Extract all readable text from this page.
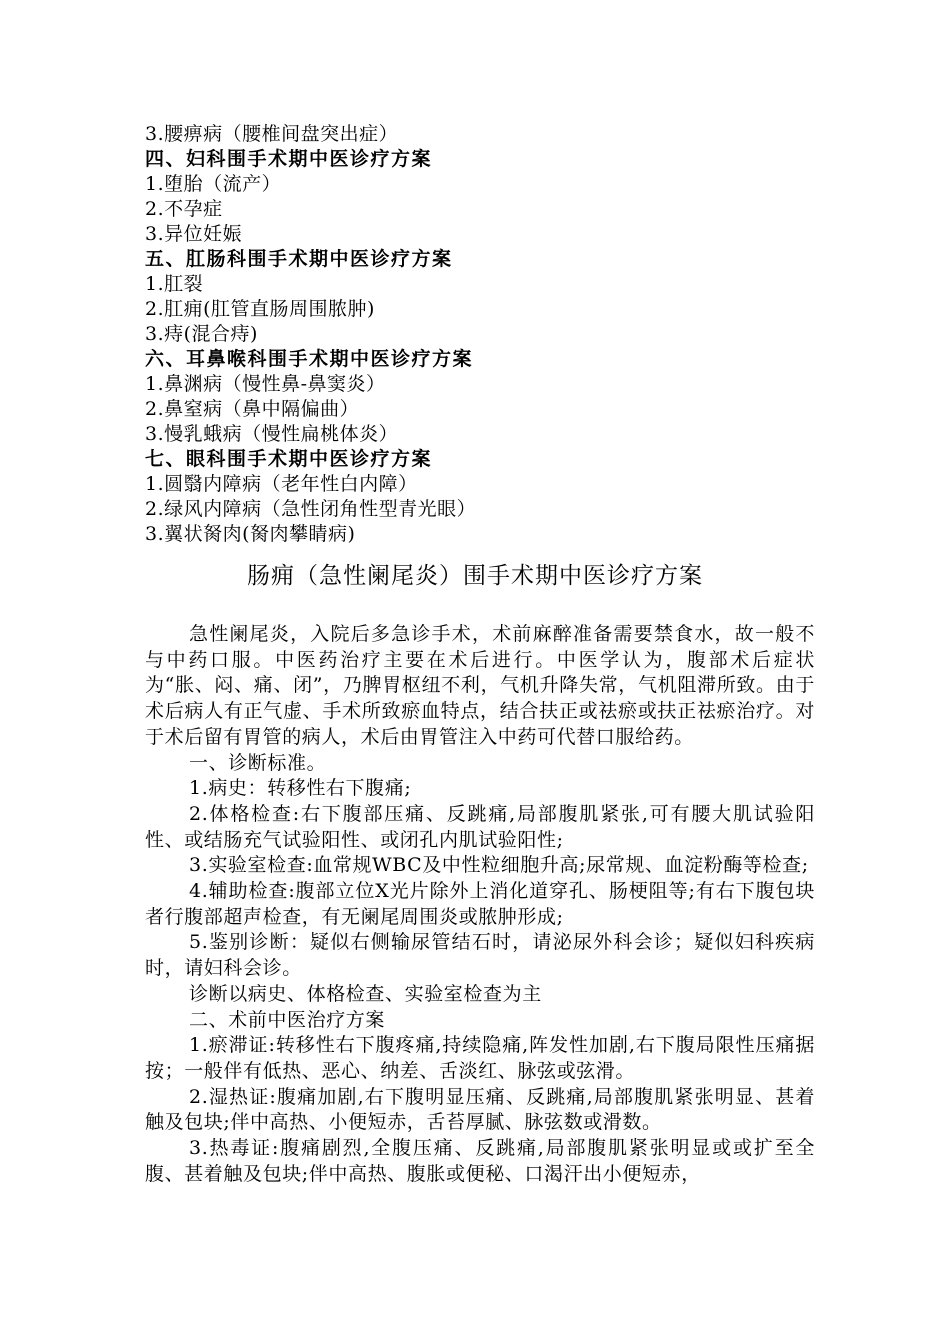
3.腰痹病（腰椎间盘突出症）
四、妇科围手术期中医诊疗方案
1.堕胎（流产）
2.不孕症
3.异位妊娠
五、肛肠科围手术期中医诊疗方案
1.肛裂
2.肛痈(肛管直肠周围脓肿)
3.痔(混合痔)
六、耳鼻喉科围手术期中医诊疗方案
1.鼻渊病（慢性鼻-鼻窦炎）
2.鼻窒病（鼻中隔偏曲）
3.慢乳蛾病（慢性扁桃体炎）
七、眼科围手术期中医诊疗方案
1.圆翳内障病（老年性白内障）
2.绿风内障病（急性闭角性型青光眼）
3.翼状胬肉(胬肉攀睛病)
肠痈（急性阑尾炎）围手术期中医诊疗方案

急性阑尾炎，入院后多急诊手术，术前麻醉准备需要禁食水，故一般不与中药口服。中医药治疗主要在术后进行。中医学认为，腹部术后症状为“胀、闷、痛、闭”，乃脾胃枢纽不利，气机升降失常，气机阻滞所致。由于术后病人有正气虚、手术所致瘀血特点，结合扶正或祛瘀或扶正祛瘀治疗。对于术后留有胃管的病人，术后由胃管注入中药可代替口服给药。

一、诊断标准。

1.病史：转移性右下腹痛;

2.体格检查:右下腹部压痛、反跳痛,局部腹肌紧张,可有腰大肌试验阳性、或结肠充气试验阳性、或闭孔内肌试验阳性;

3.实验室检查:血常规WBC及中性粒细胞升高;尿常规、血淀粉酶等检查;

4.辅助检查:腹部立位X光片除外上消化道穿孔、肠梗阻等;有右下腹包块者行腹部超声检查，有无阑尾周围炎或脓肿形成;

5.鉴别诊断：疑似右侧输尿管结石时，请泌尿外科会诊；疑似妇科疾病时，请妇科会诊。

诊断以病史、体格检查、实验室检查为主

二、术前中医治疗方案

1.瘀滞证:转移性右下腹疼痛,持续隐痛,阵发性加剧,右下腹局限性压痛据按；一般伴有低热、恶心、纳差、舌淡红、脉弦或弦滑。

2.湿热证:腹痛加剧,右下腹明显压痛、反跳痛,局部腹肌紧张明显、甚着触及包块;伴中高热、小便短赤，舌苔厚腻、脉弦数或滑数。

3.热毒证:腹痛剧烈,全腹压痛、反跳痛,局部腹肌紧张明显或或扩至全腹、甚着触及包块;伴中高热、腹胀或便秘、口渴汗出小便短赤，
